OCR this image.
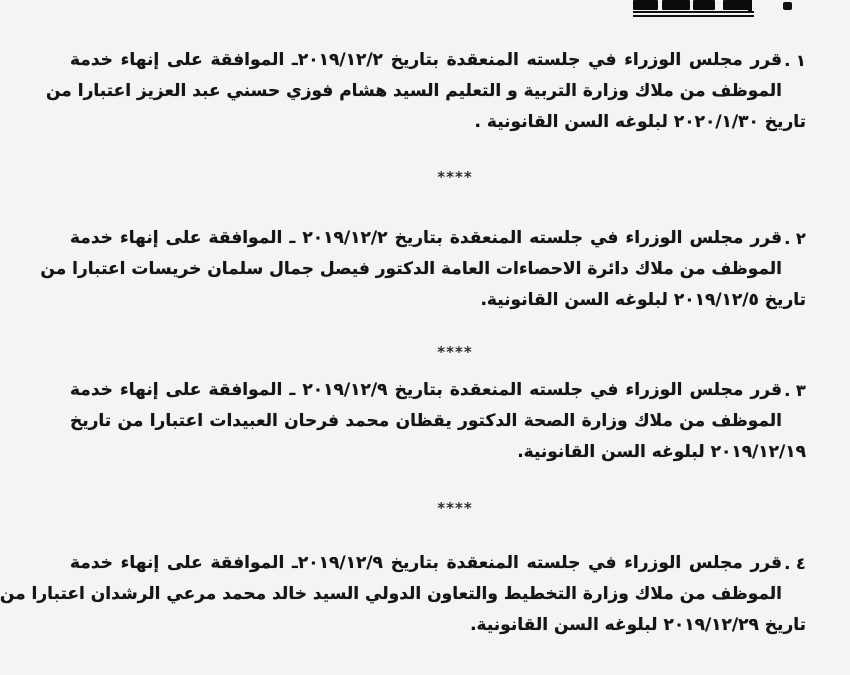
١ .
قرر مجلس الوزراء في جلسته المنعقدة بتاريخ ٢٠١٩/١٢/٢ـ الموافقة على إنهاء خدمة
الموظف من ملاك وزارة التربية و التعليم السيد هشام فوزي حسني عبد العزيز اعتبارا من
تاريخ ٢٠٢٠/١/٣٠ لبلوغه السن القانونية .
****
٢ .
قرر مجلس الوزراء في جلسته المنعقدة بتاريخ ٢٠١٩/١٢/٢ ـ الموافقة على إنهاء خدمة
الموظف من ملاك دائرة الاحصاءات العامة الدكتور فيصل جمال سلمان خريسات اعتبارا من
تاريخ ٢٠١٩/١٢/٥ لبلوغه السن القانونية.
****
٣ .
قرر مجلس الوزراء في جلسته المنعقدة بتاريخ ٢٠١٩/١٢/٩ ـ الموافقة على إنهاء خدمة
الموظف من ملاك وزارة الصحة الدكتور يقظان محمد فرحان العبيدات اعتبارا من تاريخ
٢٠١٩/١٢/١٩ لبلوغه السن القانونية.
****
٤ .
قرر مجلس الوزراء في جلسته المنعقدة بتاريخ ٢٠١٩/١٢/٩ـ الموافقة على إنهاء خدمة
الموظف من ملاك وزارة التخطيط والتعاون الدولي السيد خالد محمد مرعي الرشدان اعتبارا من
تاريخ ٢٠١٩/١٢/٢٩ لبلوغه السن القانونية.
